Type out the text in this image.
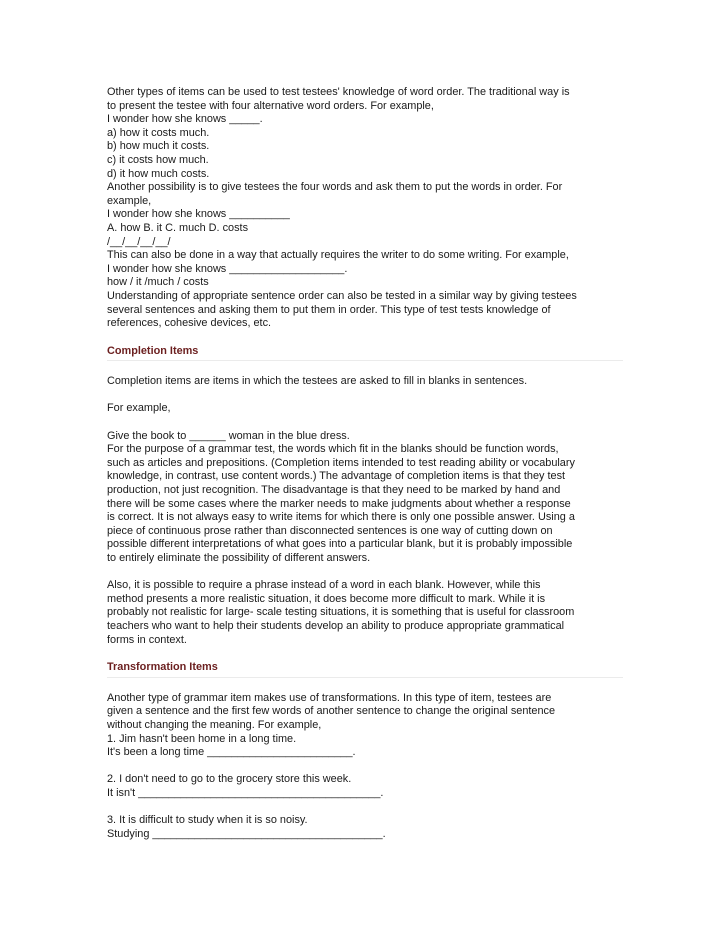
Other types of items can be used to test testees' knowledge of word order. The traditional way is
to present the testee with four alternative word orders. For example,
I wonder how she knows _____.
a) how it costs much.
b) how much it costs.
c) it costs how much.
d) it how much costs.
Another possibility is to give testees the four words and ask them to put the words in order. For
example,
I wonder how she knows __________
A. how B. it C. much D. costs
/__/__/__/__/
This can also be done in a way that actually requires the writer to do some writing. For example,
I wonder how she knows ___________________.
how / it /much / costs
Understanding of appropriate sentence order can also be tested in a similar way by giving testees
several sentences and asking them to put them in order. This type of test tests knowledge of
references, cohesive devices, etc.
Completion Items
Completion items are items in which the testees are asked to fill in blanks in sentences.
For example,
Give the book to ______ woman in the blue dress.
For the purpose of a grammar test, the words which fit in the blanks should be function words,
such as articles and prepositions. (Completion items intended to test reading ability or vocabulary
knowledge, in contrast, use content words.) The advantage of completion items is that they test
production, not just recognition. The disadvantage is that they need to be marked by hand and
there will be some cases where the marker needs to make judgments about whether a response
is correct. It is not always easy to write items for which there is only one possible answer. Using a
piece of continuous prose rather than disconnected sentences is one way of cutting down on
possible different interpretations of what goes into a particular blank, but it is probably impossible
to entirely eliminate the possibility of different answers.
Also, it is possible to require a phrase instead of a word in each blank. However, while this
method presents a more realistic situation, it does become more difficult to mark. While it is
probably not realistic for large- scale testing situations, it is something that is useful for classroom
teachers who want to help their students develop an ability to produce appropriate grammatical
forms in context.
Transformation Items
Another type of grammar item makes use of transformations. In this type of item, testees are
given a sentence and the first few words of another sentence to change the original sentence
without changing the meaning. For example,
1. Jim hasn't been home in a long time.
It's been a long time ________________________.
2. I don't need to go to the grocery store this week.
It isn't ________________________________________.
3. It is difficult to study when it is so noisy.
Studying ______________________________________.
